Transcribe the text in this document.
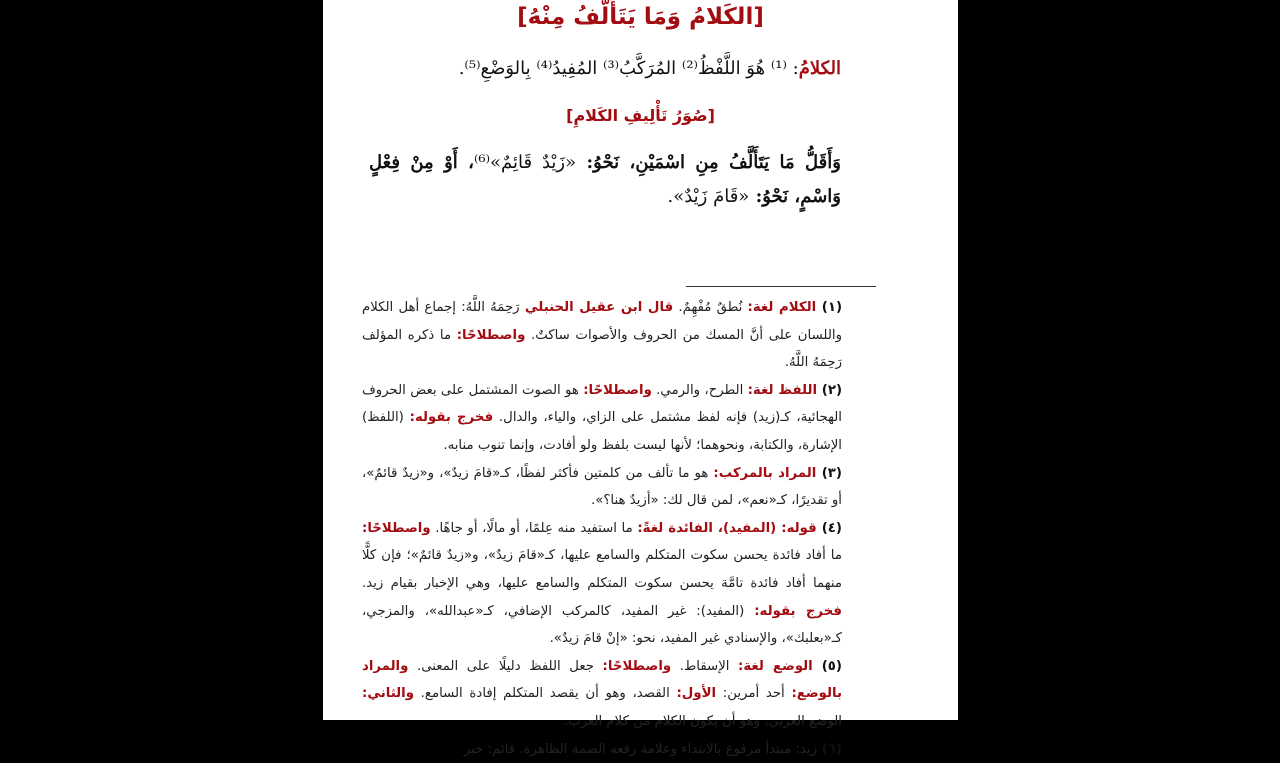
[الكَلامُ وَمَا يَتَأَلَّفُ مِنْهُ]

الكلامُ: ⁽¹⁾ هُوَ اللَّفْظُ⁽²⁾ المُرَكَّبُ⁽³⁾ المُفِيدُ⁽⁴⁾ بِالوَضْعِ⁽⁵⁾.

[صُوَرُ تَأْلِيفِ الكَلامِ]

وَأَقَلُّ مَا يَتَأَلَّفُ مِنِ اسْمَيْنِ، نَحْوُ: «زَيْدٌ قَائِمٌ»⁽⁶⁾، أَوْ مِنْ فِعْلٍ وَاسْمٍ، نَحْوُ: «قَامَ زَيْدٌ».

(١) الكلام لغة: نُطقٌ مُفْهِمٌ. قال ابن عقيل الحنبلي رَحِمَهُ اللَّهُ: إجماع أهل الكلام واللسان على أنَّ المسك من الحروف والأصوات ساكتٌ. واصطلاحًا: ما ذكره المؤلف رَحِمَهُ اللَّهُ.

(٢) اللفظ لغة: الطرح، والرمي. واصطلاحًا: هو الصوت المشتمل على بعض الحروف الهجائية، كـ(زيد) فإنه لفظ مشتمل على الزاي، والياء، والدال. فخرج بقوله: (اللفظ) الإشارة، والكتابة، ونحوهما؛ لأنها ليست بلفظ ولو أفادت، وإنما تنوب منابه.

(٣) المراد بالمركب: هو ما تألف من كلمتين فأكثر لفظًا، كـ«قامَ زيدٌ»، و«زيدٌ قائمٌ»، أو تقديرًا، كـ«نعم»، لمن قال لك: «أزيدٌ هنا؟».

(٤) قوله: (المفيد)، الفائدة لغةً: ما استفيد منه عِلمًا، أو مالًا، أو جاهًا. واصطلاحًا: ما أفاد فائدة يحسن سكوت المتكلم والسامع عليها، كـ«قامَ زيدٌ»، و«زيدٌ قائمٌ»؛ فإن كلًّا منهما أفاد فائدة تامَّة يحسن سكوت المتكلم والسامع عليها، وهي الإخبار بقيام زيد. فخرج بقوله: (المفيد): غير المفيد، كالمركب الإضافي، كـ«عبدالله»، والمزجي، كـ«بعلبك»، والإسنادي غير المفيد، نحو: «إنْ قامَ زيدٌ».

(٥) الوضع لغة: الإسقاط. واصطلاحًا: جعل اللفظ دليلًا على المعنى. والمراد بالوضع: أحد أمرين: الأول: القصد، وهو أن يقصد المتكلم إفادة السامع. والثاني: الوضع العربي، وهو أن يكون الكلام من كلام العرب.

(٦) زيد: مبتدأ مرفوع بالابتداء وعلامة رفعه الضمة الظاهرة. قائم: خبر
